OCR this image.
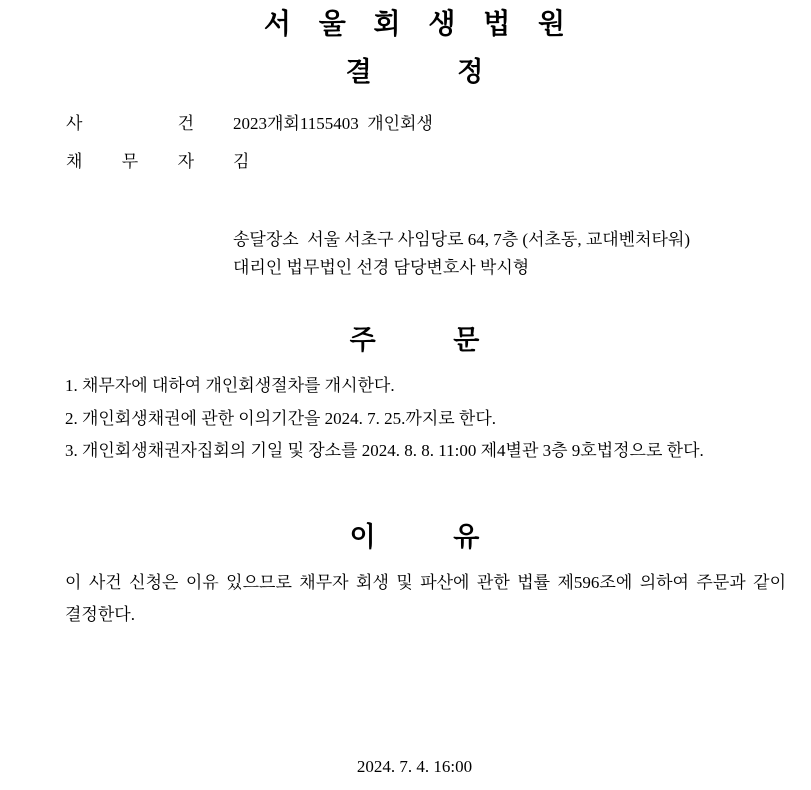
서 울 회 생 법 원
결 정
사 건 2023개회1155403  개인회생
채 무 자 김
송달장소  서울 서초구 사임당로 64, 7층 (서초동, 교대벤처타워)
대리인 법무법인 선경 담당변호사 박시형
주 문
1. 채무자에 대하여 개인회생절차를 개시한다.
2. 개인회생채권에 관한 이의기간을 2024. 7. 25.까지로 한다.
3. 개인회생채권자집회의 기일 및 장소를 2024. 8. 8. 11:00 제4별관 3층 9호법정으로 한다.
이 유

이 사건 신청은 이유 있으므로 채무자 회생 및 파산에 관한 법률 제596조에 의하여 주문과 같이 결정한다.

2024. 7. 4. 16:00
